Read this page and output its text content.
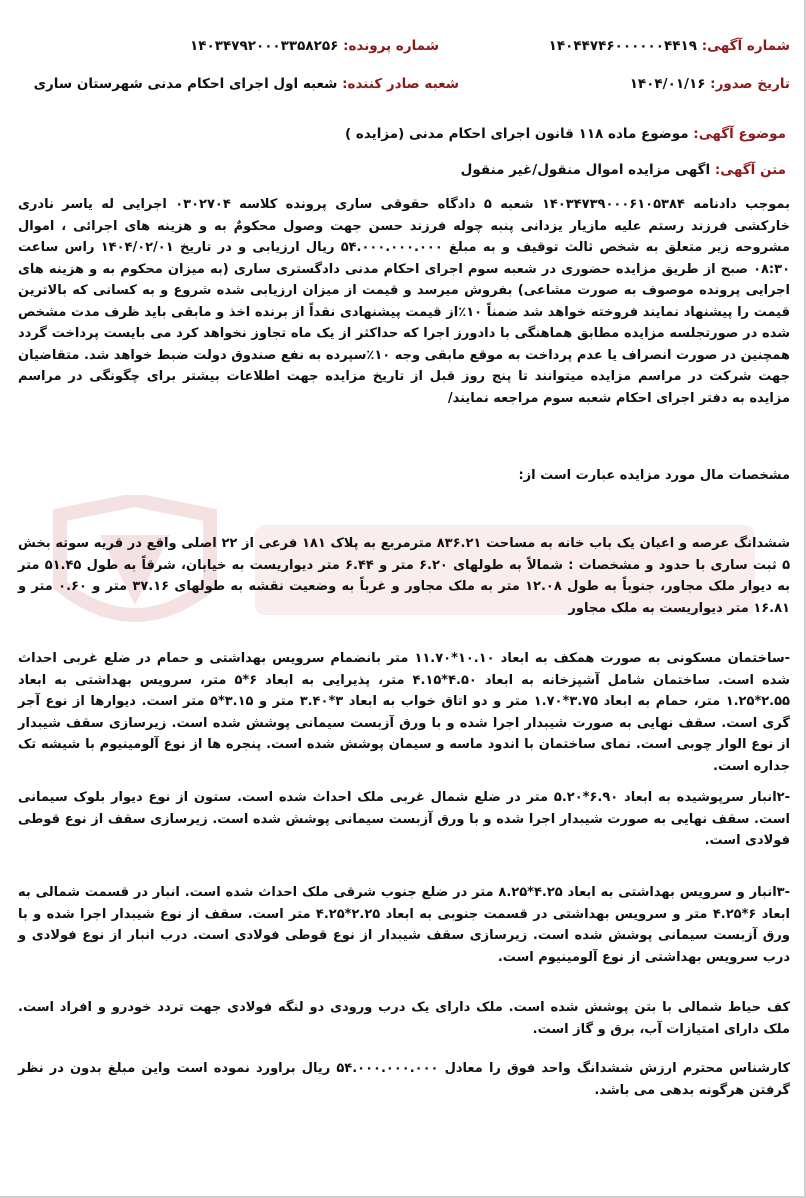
شماره آگهی: ۱۴۰۴۴۷۴۶۰۰۰۰۰۰۴۴۱۹
شماره پرونده: ۱۴۰۳۴۷۹۲۰۰۰۳۳۵۸۲۵۶
تاریخ صدور: ۱۴۰۴/۰۱/۱۶
شعبه صادر کننده: شعبه اول اجرای احکام مدنی شهرستان ساری
موضوع آگهی: موضوع ماده ۱۱۸ قانون اجرای احکام مدنی (مزایده )
متن آگهی: اگهی مزایده اموال منقول/غیر منقول

بموجب دادنامه ۱۴۰۳۴۷۳۹۰۰۰۶۱۰۵۳۸۴ شعبه ۵ دادگاه حقوقی ساری پرونده کلاسه ۰۳۰۲۷۰۴ اجرایی له یاسر نادری خارکشی فرزند رستم علیه مازیار یزدانی پنبه چوله فرزند حسن جهت وصول محکومٌ به و هزینه های اجرائی ، اموال مشروحه زیر متعلق به شخص ثالث توقیف و به مبلغ ۵۴.۰۰۰.۰۰۰.۰۰۰ ریال ارزیابی و در تاریخ ۱۴۰۴/۰۲/۰۱ راس ساعت ۰۸:۳۰ صبح از طریق مزایده حضوری در شعبه سوم اجرای احکام مدنی دادگستری ساری (به میزان محکوم به و هزینه های اجرایی پرونده موصوف به صورت مشاعی) بفروش میرسد و قیمت از میزان ارزیابی شده شروع و به کسانی که بالاترین قیمت را پیشنهاد نمایند فروخته خواهد شد ضمناً ۱۰٪از قیمت پیشنهادی نقداً از برنده اخذ و مابقی باید ظرف مدت مشخص شده در صورتجلسه مزایده مطابق هماهنگی با دادورز اجرا که حداکثر از یک ماه تجاوز نخواهد کرد می بایست پرداخت گردد همچنین در صورت انصراف یا عدم پرداخت به موقع مابقی وجه ۱۰٪سپرده به نفع صندوق دولت ضبط خواهد شد. متقاضیان جهت شرکت در مراسم مزایده میتوانند تا پنج روز قبل از تاریخ مزایده جهت اطلاعات بیشتر برای چگونگی در مراسم مزایده به دفتر اجرای احکام شعبه سوم مراجعه نمایند/

مشخصات مال مورد مزایده عبارت است از:

ششدانگ عرصه و اعیان یک باب خانه به مساحت ۸۳۶.۲۱ مترمربع به پلاک ۱۸۱ فرعی از ۲۲ اصلی واقع در قریه سوته بخش ۵ ثبت ساری با حدود و مشخصات : شمالاً به طولهای ۶.۲۰ متر و ۶.۴۴ متر دیواریست به خیابان، شرقاً به طول ۵۱.۴۵ متر به دیوار ملک مجاور، جنوباً به طول ۱۲.۰۸ متر به ملک مجاور و غرباً به وضعیت نقشه به طولهای ۳۷.۱۶ متر و ۰.۶۰ متر و ۱۶.۸۱ متر دیواریست به ملک مجاور

-ساختمان مسکونی به صورت همکف به ابعاد ۱۰.۱۰*۱۱.۷۰ متر بانضمام سرویس بهداشتی و حمام در ضلع غربی احداث شده است. ساختمان شامل آشپزخانه به ابعاد ۴.۵۰*۴.۱۵ متر، پذیرایی به ابعاد ۶*۵ متر، سرویس بهداشتی به ابعاد ۲.۵۵*۱.۲۵ متر، حمام به ابعاد ۳.۷۵*۱.۷۰ متر و دو اتاق خواب به ابعاد ۳*۳.۴۰ متر و ۳.۱۵*۵ متر است. دیوارها از نوع آجر گری است. سقف نهایی به صورت شیبدار اجرا شده و با ورق آزبست سیمانی پوشش شده است. زیرسازی سقف شیبدار از نوع الوار چوبی است. نمای ساختمان با اندود ماسه و سیمان پوشش شده است. پنجره ها از نوع آلومینیوم با شیشه تک جداره است.

-۲انبار سرپوشیده به ابعاد ۶.۹۰*۵.۲۰ متر در ضلع شمال غربی ملک احداث شده است. ستون از نوع دیوار بلوک سیمانی است. سقف نهایی به صورت شیبدار اجرا شده و با ورق آزبست سیمانی پوشش شده است. زیرسازی سقف از نوع قوطی فولادی است.

-۳انبار و سرویس بهداشتی به ابعاد ۴.۲۵*۸.۲۵ متر در ضلع جنوب شرقی ملک احداث شده است. انبار در قسمت شمالی به ابعاد ۶*۴.۲۵ متر و سرویس بهداشتی در قسمت جنوبی به ابعاد ۲.۲۵*۴.۲۵ متر است. سقف از نوع شیبدار اجرا شده و با ورق آزبست سیمانی پوشش شده است. زیرسازی سقف شیبدار از نوع قوطی فولادی است. درب انبار از نوع فولادی و درب سرویس بهداشتی از نوع آلومینیوم است.

کف حیاط شمالی با بتن پوشش شده است. ملک دارای یک درب ورودی دو لنگه فولادی جهت تردد خودرو و افراد است. ملک دارای امتیازات آب، برق و گاز است.

کارشناس محترم ارزش ششدانگ واحد فوق را معادل ۵۴.۰۰۰.۰۰۰.۰۰۰ ریال براورد نموده است واین مبلغ بدون در نظر گرفتن هرگونه بدهی می باشد.
